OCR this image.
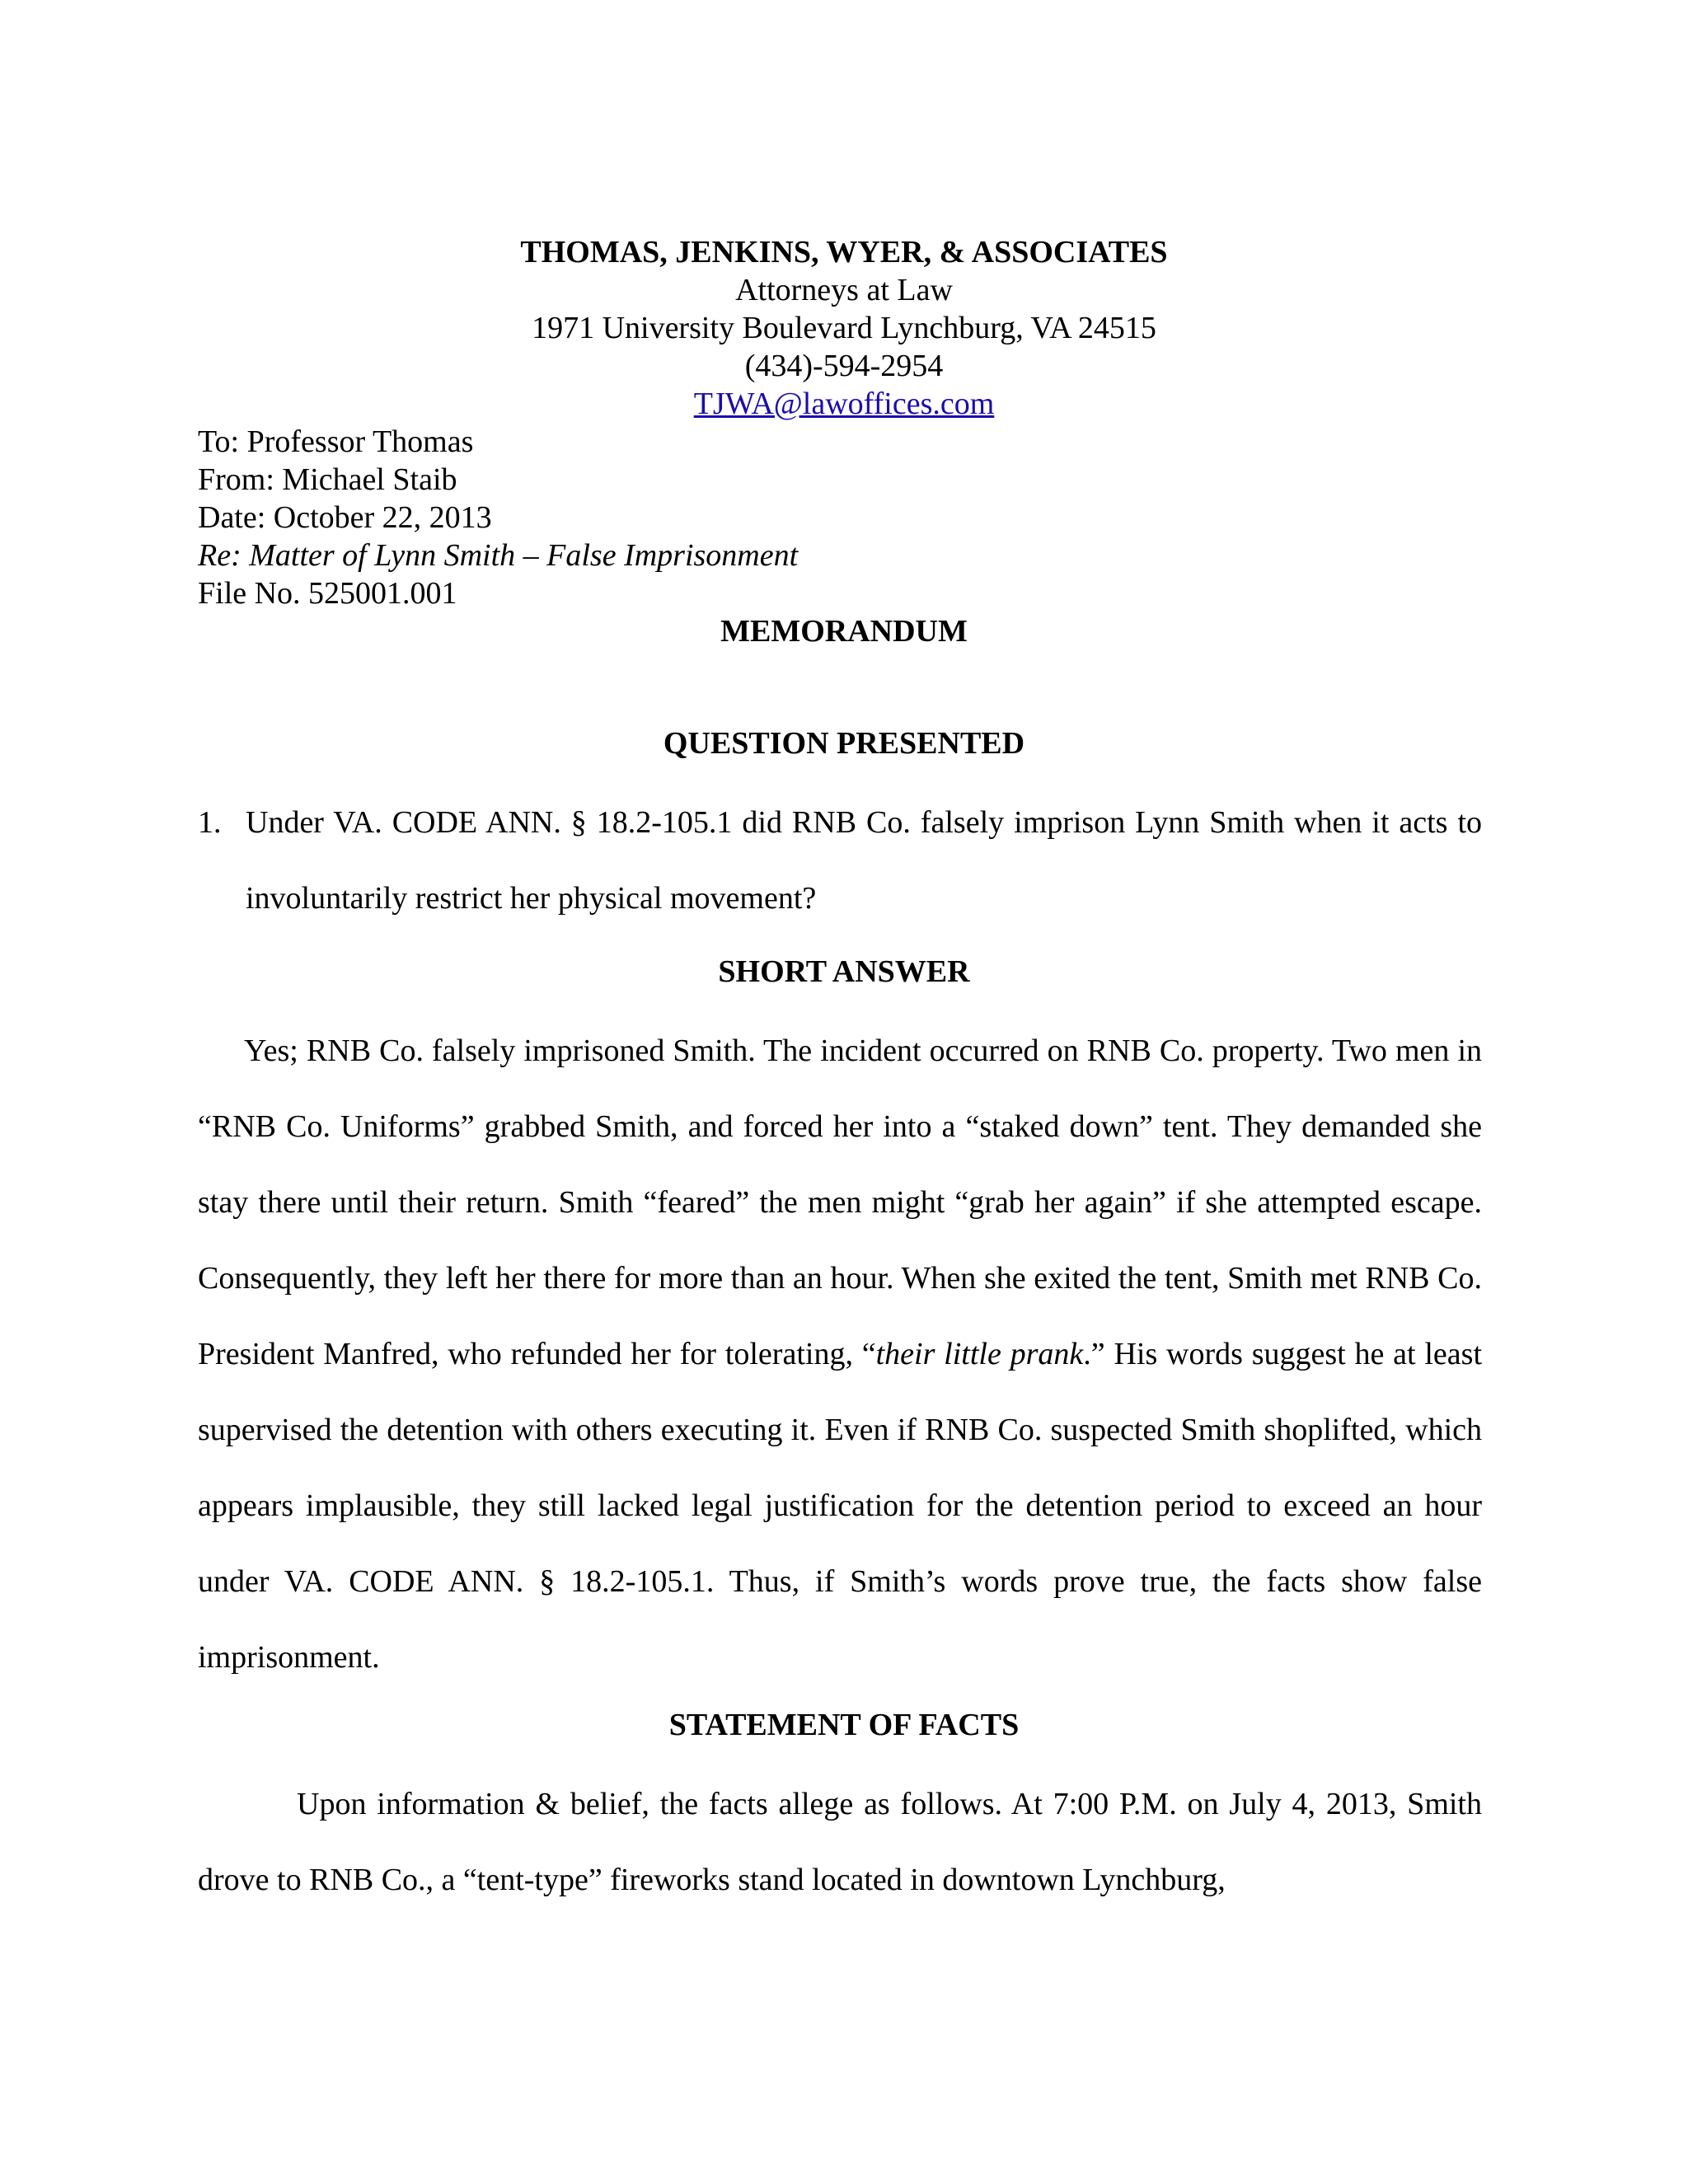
THOMAS, JENKINS, WYER, & ASSOCIATES
Attorneys at Law
1971 University Boulevard Lynchburg, VA 24515
(434)-594-2954
TJWA@lawoffices.com
To: Professor Thomas
From: Michael Staib
Date: October 22, 2013
Re: Matter of Lynn Smith – False Imprisonment
File No. 525001.001
MEMORANDUM
QUESTION PRESENTED
1. Under VA. CODE ANN. § 18.2-105.1 did RNB Co. falsely imprison Lynn Smith when it acts to involuntarily restrict her physical movement?
SHORT ANSWER

Yes; RNB Co. falsely imprisoned Smith. The incident occurred on RNB Co. property. Two men in “RNB Co. Uniforms” grabbed Smith, and forced her into a “staked down” tent. They demanded she stay there until their return. Smith “feared” the men might “grab her again” if she attempted escape. Consequently, they left her there for more than an hour. When she exited the tent, Smith met RNB Co. President Manfred, who refunded her for tolerating, “their little prank.” His words suggest he at least supervised the detention with others executing it. Even if RNB Co. suspected Smith shoplifted, which appears implausible, they still lacked legal justification for the detention period to exceed an hour under VA. CODE ANN. § 18.2-105.1. Thus, if Smith’s words prove true, the facts show false imprisonment.

STATEMENT OF FACTS

Upon information & belief, the facts allege as follows. At 7:00 P.M. on July 4, 2013, Smith drove to RNB Co., a “tent-type” fireworks stand located in downtown Lynchburg,
